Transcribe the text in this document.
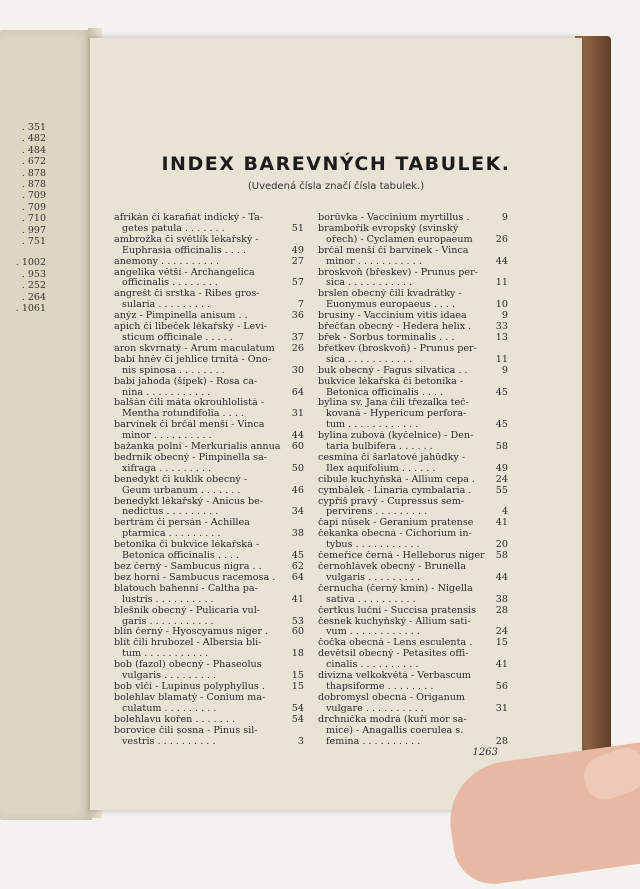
. 351
. 482
. 484
. 672
. 878
. 878
. 709
. 709
. 710
. 997
. 751
. 1002
. 953
. 252
. 264
. 1061
INDEX BAREVNÝCH TABULEK.
(Uvedená čísla značí čísla tabulek.)
afrikán či karafiát indický - Ta-
getes patula . . . . . . .	51
ambrožka či světlík lékařský -
Euphrasia officinalis . . . .	49
anemony . . . . . . . . . .	27
angelika větší - Archangelica
officinalis . . . . . . . .	57
angrešt či srstka - Ribes gros-
sularia . . . . . . . . .	7
anýz - Pimpinella anisum . .	36
apich či libeček lékařský - Levi-
sticum officinale . . . . .	37
aron skvrnatý - Arum maculatum	26
babí hněv či jehlice trnitá - Ono-
nis spinosa . . . . . . . .	30
babí jahoda (šípek) - Rosa ca-
nina . . . . . . . . . . .	64
balšán čili máta okrouhlolistá -
Mentha rotundifolia . . . .	31
barvínek či brčál menší - Vinca
minor . . . . . . . . . .	44
bažanka polní - Merkurialis annua	60
bedrník obecný - Pimpinella sa-
xifraga . . . . . . . . .	50
benedykt či kuklík obecný -
Geum urbanum . . . . . . .	46
benedykt lékařský - Anicus be-
nedictus . . . . . . . . .	34
bertrám či persán - Achillea
ptarmica . . . . . . . . .	38
betonika či bukvice lékařská -
Betonica officinalis . . . .	45
bez černý - Sambucus nigra . .	62
bez horní - Sambucus racemosa .	64
blatouch bahenní - Caltha pa-
lustris . . . . . . . . . .	41
blešník obecný - Pulicaria vul-
garis . . . . . . . . . . .	53
blín černý - Hyoscyamus niger .	60
blít čili hrubozel - Albersia bli-
tum . . . . . . . . . . .	18
bob (fazol) obecný - Phaseolus
vulgaris . . . . . . . . .	15
bob vlčí - Lupinus polyphyllus .	15
bolehlav blamatý - Conium ma-
culatum . . . . . . . . .	54
bolehlavu kořen . . . . . . .	54
borovice čili sosna - Pinus sil-
vestris . . . . . . . . . .	3
borůvka - Vaccinium myrtillus .	9
brambořík evropský (svinský
ořech) - Cyclamen europaeum	26
brčál menší či barvínek - Vinca
minor . . . . . . . . . . .	44
broskvoň (břeskev) - Prunus per-
sica . . . . . . . . . . .	11
brslen obecný čili kvadrátky -
Euonymus europaeus . . . .	10
brusiny - Vaccinium vitis idaea	9
břečťan obecný - Hedera helix .	33
břek - Sorbus torminalis . . .	13
břetkev (broskvoň) - Prunus per-
sica . . . . . . . . . . .	11
buk obecný - Fagus silvatica . .	9
bukvice lékařská či betonika -
Betonica officinalis . . . .	45
bylina sv. Jana čili třezalka teč-
kovaná - Hypericum perfora-
tum . . . . . . . . . . . .	45
bylina zubová (kyčelnice) - Den-
taria bulbifera . . . . . .	58
cesmína či šarlatové jahůdky -
Ilex aquifolium . . . . . .	49
cibule kuchyňská - Allium cepa .	24
cymbálek - Linaria cymbalaria .	55
cypříš pravý - Cupressus sem-
pervirens . . . . . . . . .	4
čapí nůsek - Geranium pratense	41
čekanka obecná - Cichorium in-
tybus . . . . . . . . . . .	20
čemeřice černá - Helleborus niger	58
černohlávek obecný - Brunella
vulgaris . . . . . . . . .	44
černucha (černý kmín) - Nigella
sativa . . . . . . . . . .	38
čertkus luční - Succisa pratensis	28
česnek kuchyňský - Allium sati-
vum . . . . . . . . . . . .	24
čočka obecná - Lens esculenta .	15
devětsil obecný - Petasites offi-
cinalis . . . . . . . . . .	41
divizna velkokvětá - Verbascum
thapsiforme . . . . . . . .	56
dobromysl obecná - Origanum
vulgare . . . . . . . . . .	31
drchnička modrá (kuří mor sa-
mice) - Anagallis coerulea s.
femina . . . . . . . . . .	28
1263
